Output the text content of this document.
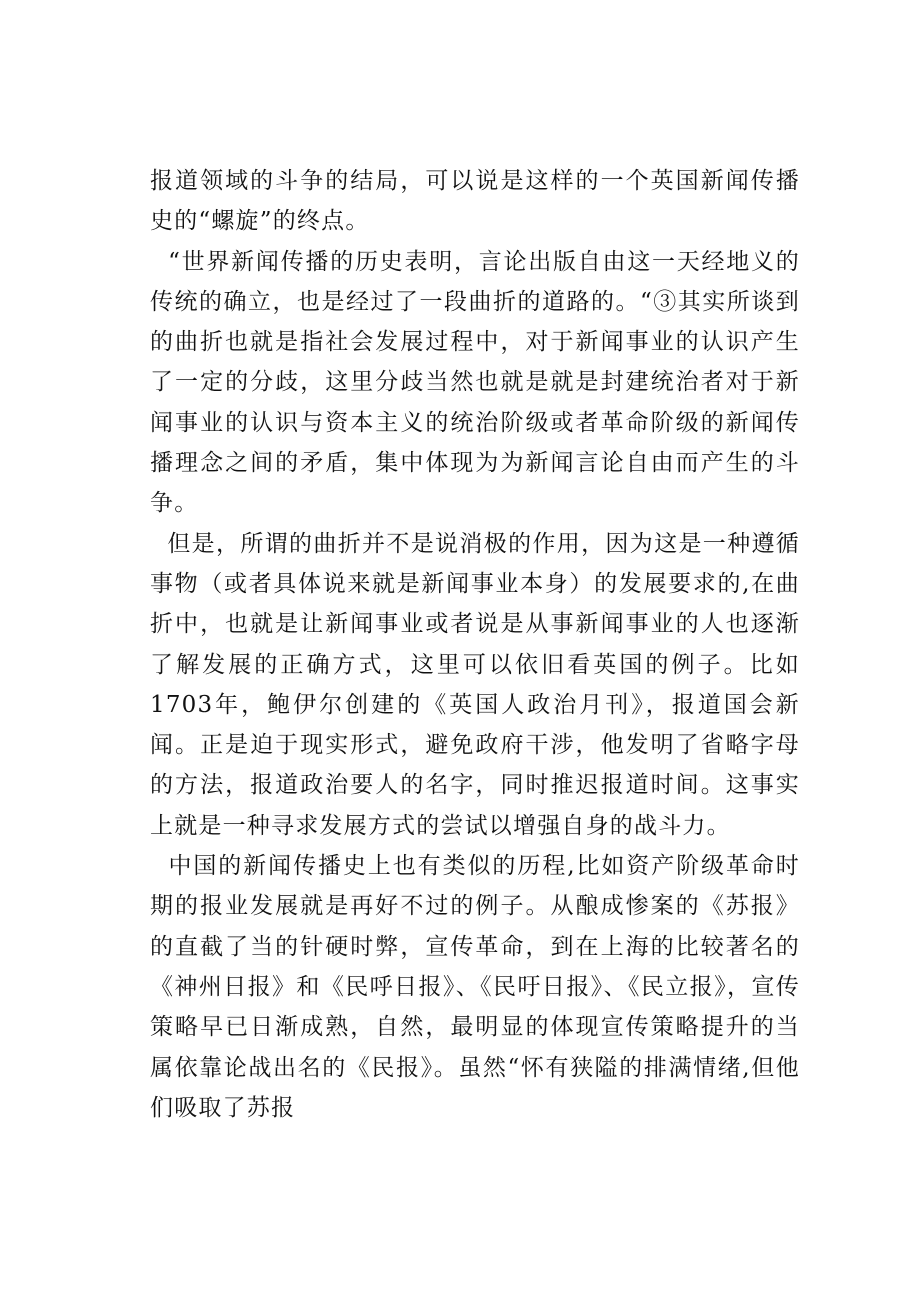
报道领域的斗争的结局，可以说是这样的一个英国新闻传播史的“螺旋”的终点。

“世界新闻传播的历史表明，言论出版自由这一天经地义的传统的确立，也是经过了一段曲折的道路的。“③其实所谈到的曲折也就是指社会发展过程中，对于新闻事业的认识产生了一定的分歧，这里分歧当然也就是就是封建统治者对于新闻事业的认识与资本主义的统治阶级或者革命阶级的新闻传播理念之间的矛盾，集中体现为为新闻言论自由而产生的斗争。

但是，所谓的曲折并不是说消极的作用，因为这是一种遵循事物（或者具体说来就是新闻事业本身）的发展要求的,在曲折中，也就是让新闻事业或者说是从事新闻事业的人也逐渐了解发展的正确方式，这里可以依旧看英国的例子。比如1703年，鲍伊尔创建的《英国人政治月刊》，报道国会新闻。正是迫于现实形式，避免政府干涉，他发明了省略字母的方法，报道政治要人的名字，同时推迟报道时间。这事实上就是一种寻求发展方式的尝试以增强自身的战斗力。

中国的新闻传播史上也有类似的历程,比如资产阶级革命时期的报业发展就是再好不过的例子。从酿成惨案的《苏报》的直截了当的针硬时弊，宣传革命，到在上海的比较著名的《神州日报》和《民呼日报》、《民吁日报》、《民立报》，宣传策略早已日渐成熟，自然，最明显的体现宣传策略提升的当属依靠论战出名的《民报》。虽然“怀有狭隘的排满情绪,但他们吸取了苏报
